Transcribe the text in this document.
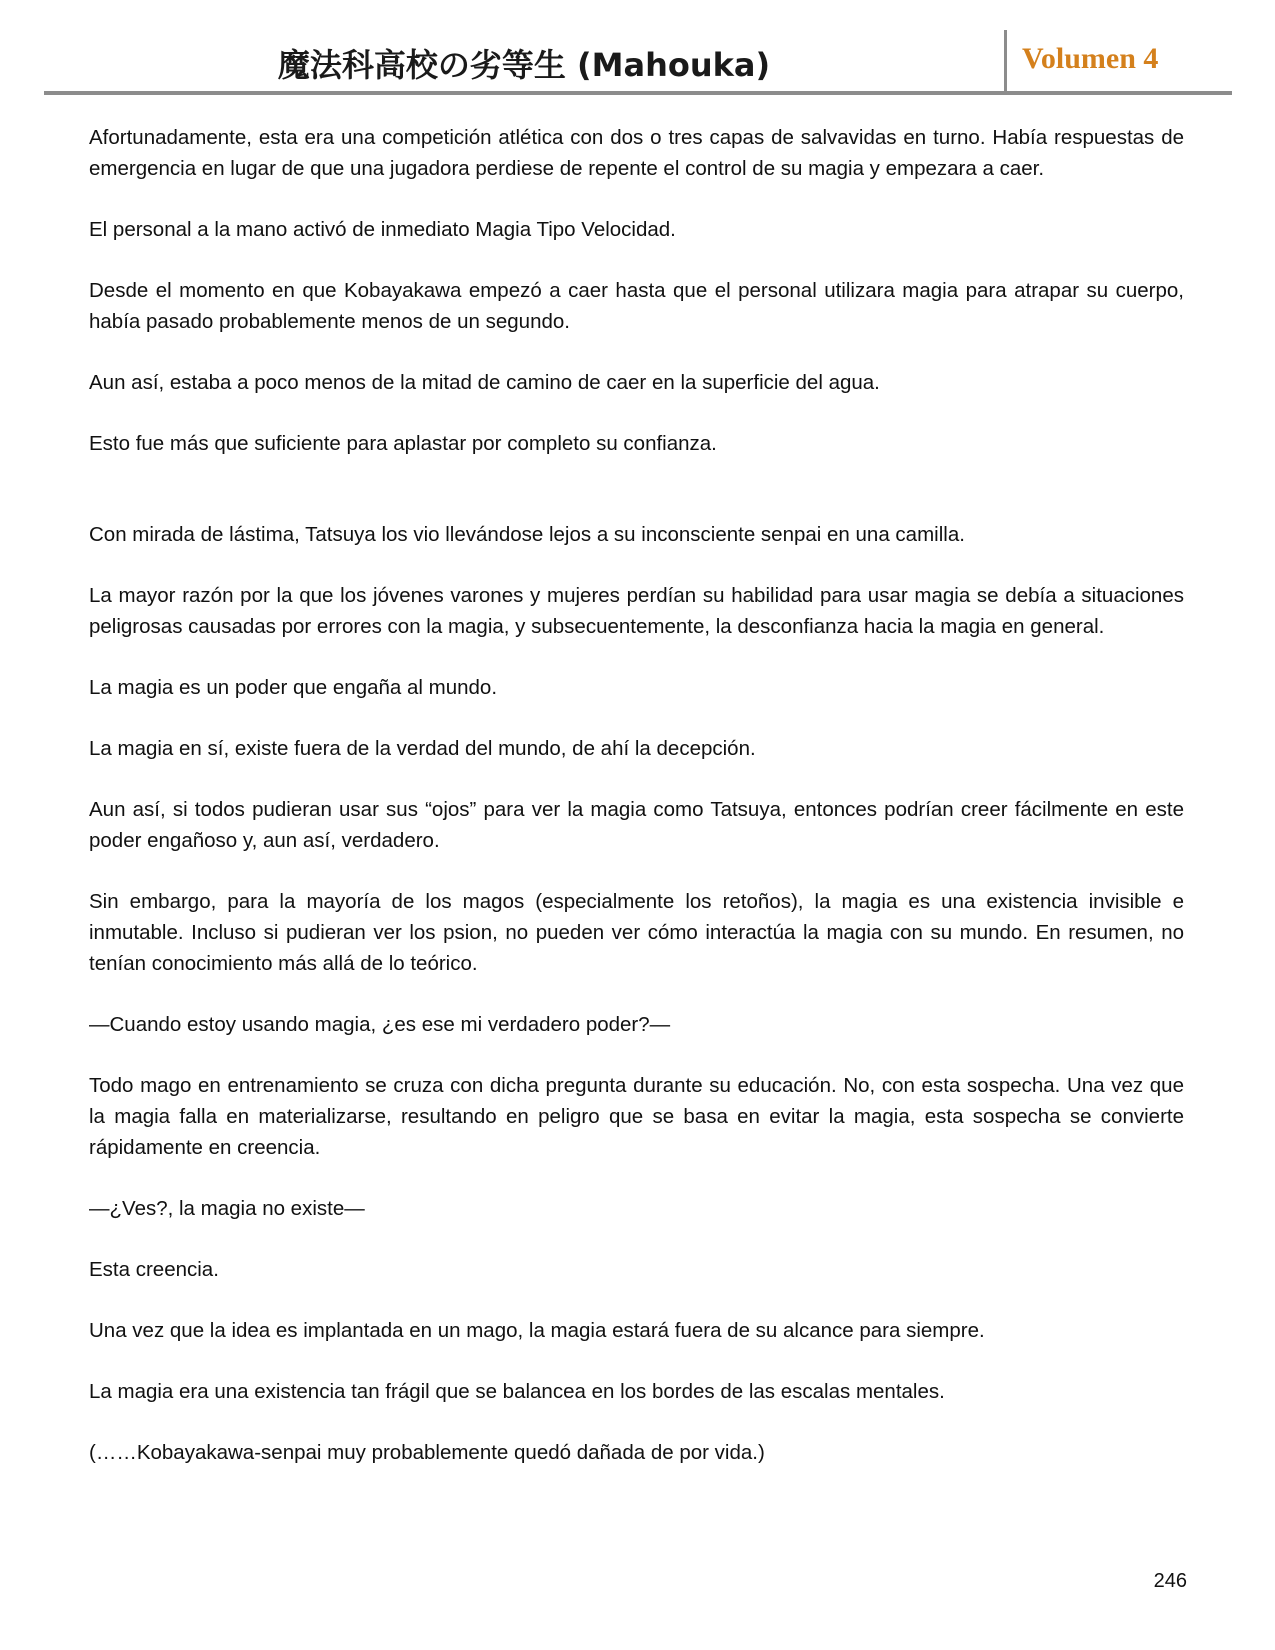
魔法科高校の劣等生 (Mahouka)	Volumen 4

Afortunadamente, esta era una competición atlética con dos o tres capas de salvavidas en turno. Había respuestas de emergencia en lugar de que una jugadora perdiese de repente el control de su magia y empezara a caer.

El personal a la mano activó de inmediato Magia Tipo Velocidad.

Desde el momento en que Kobayakawa empezó a caer hasta que el personal utilizara magia para atrapar su cuerpo, había pasado probablemente menos de un segundo.

Aun así, estaba a poco menos de la mitad de camino de caer en la superficie del agua.

Esto fue más que suficiente para aplastar por completo su confianza.

Con mirada de lástima, Tatsuya los vio llevándose lejos a su inconsciente senpai en una camilla.

La mayor razón por la que los jóvenes varones y mujeres perdían su habilidad para usar magia se debía a situaciones peligrosas causadas por errores con la magia, y subsecuentemente, la desconfianza hacia la magia en general.

La magia es un poder que engaña al mundo.

La magia en sí, existe fuera de la verdad del mundo, de ahí la decepción.

Aun así, si todos pudieran usar sus “ojos” para ver la magia como Tatsuya, entonces podrían creer fácilmente en este poder engañoso y, aun así, verdadero.

Sin embargo, para la mayoría de los magos (especialmente los retoños), la magia es una existencia invisible e inmutable. Incluso si pudieran ver los psion, no pueden ver cómo interactúa la magia con su mundo. En resumen, no tenían conocimiento más allá de lo teórico.

—Cuando estoy usando magia, ¿es ese mi verdadero poder?—

Todo mago en entrenamiento se cruza con dicha pregunta durante su educación. No, con esta sospecha. Una vez que la magia falla en materializarse, resultando en peligro que se basa en evitar la magia, esta sospecha se convierte rápidamente en creencia.

—¿Ves?, la magia no existe—

Esta creencia.

Una vez que la idea es implantada en un mago, la magia estará fuera de su alcance para siempre.

La magia era una existencia tan frágil que se balancea en los bordes de las escalas mentales.

(……Kobayakawa-senpai muy probablemente quedó dañada de por vida.)

246
